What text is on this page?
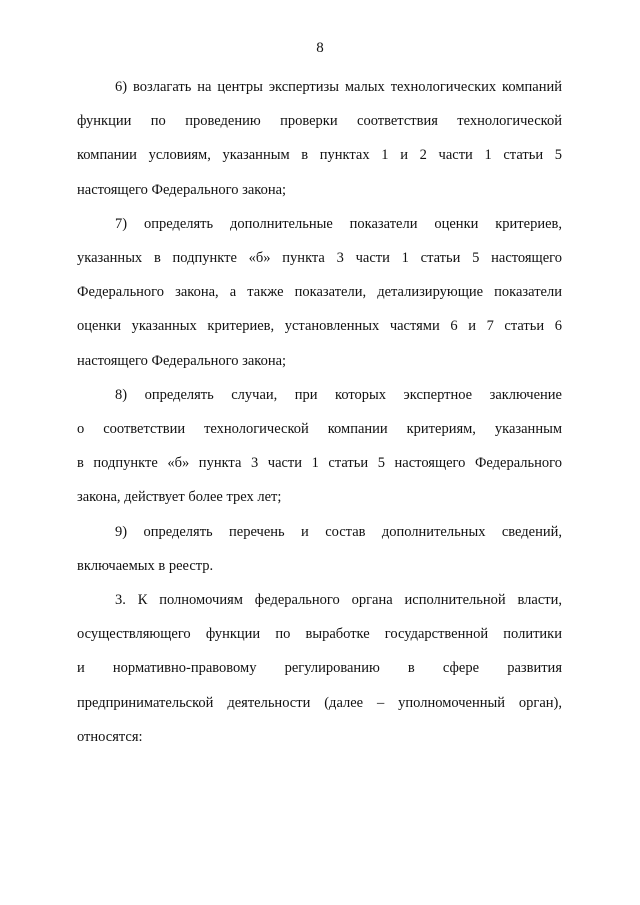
8
6) возлагать на центры экспертизы малых технологических компаний
функции по проведению проверки соответствия технологической
компании условиям, указанным в пунктах 1 и 2 части 1 статьи 5
настоящего Федерального закона;
7) определять дополнительные показатели оценки критериев,
указанных в подпункте «б» пункта 3 части 1 статьи 5 настоящего
Федерального закона, а также показатели, детализирующие показатели
оценки указанных критериев, установленных частями 6 и 7 статьи 6
настоящего Федерального закона;
8) определять случаи, при которых экспертное заключение
о соответствии технологической компании критериям, указанным
в подпункте «б» пункта 3 части 1 статьи 5 настоящего Федерального
закона, действует более трех лет;
9) определять перечень и состав дополнительных сведений,
включаемых в реестр.
3. К полномочиям федерального органа исполнительной власти,
осуществляющего функции по выработке государственной политики
и нормативно-правовому регулированию в сфере развития
предпринимательской деятельности (далее – уполномоченный орган),
относятся:
